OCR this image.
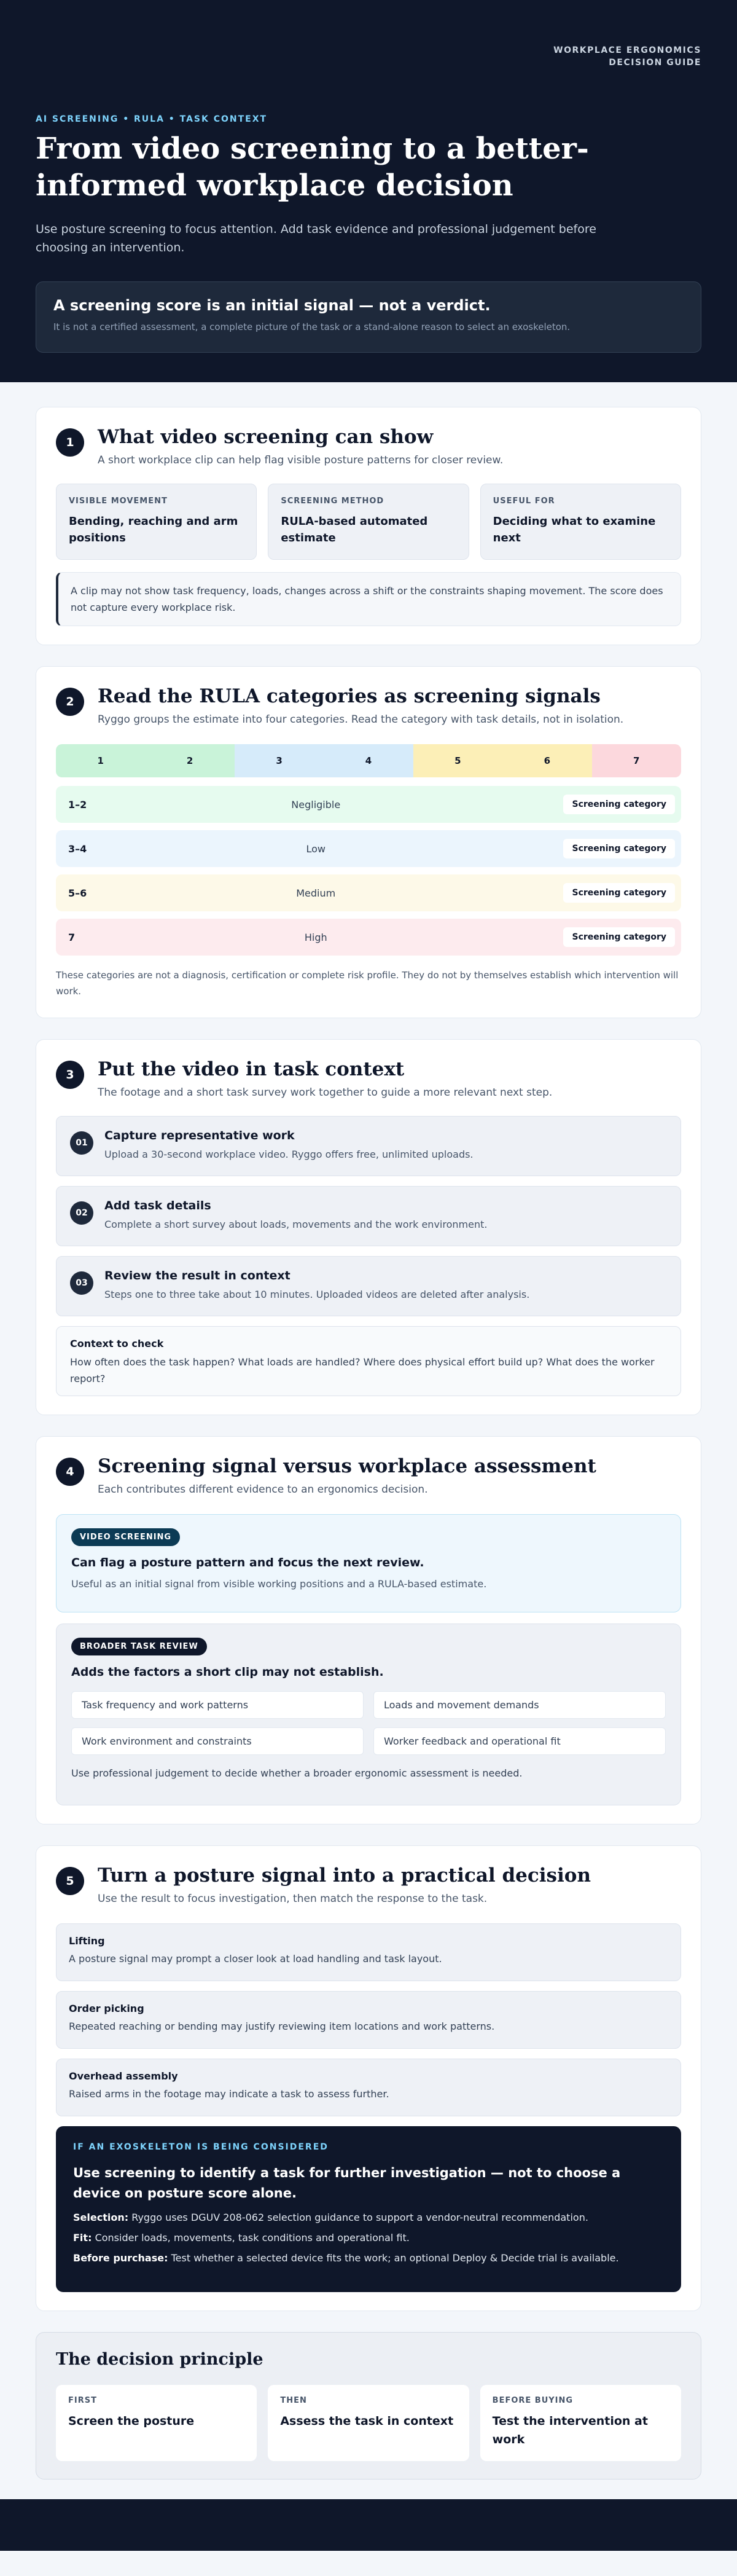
WORKPLACE ERGONOMICS
DECISION GUIDE
AI SCREENING • RULA • TASK CONTEXT
From video screening to a better-informed workplace decision

Use posture screening to focus attention. Add task evidence and professional judgement before choosing an intervention.

A screening score is an initial signal — not a verdict.
It is not a certified assessment, a complete picture of the task or a stand-alone reason to select an exoskeleton.
1	What video screening can show

A short workplace clip can help flag visible posture patterns for closer review.

VISIBLE MOVEMENT
Bending, reaching and arm positions
SCREENING METHOD
RULA-based automated estimate
USEFUL FOR
Deciding what to examine next
A clip may not show task frequency, loads, changes across a shift or the constraints shaping movement. The score does not capture every workplace risk.
2	Read the RULA categories as screening signals

Ryggo groups the estimate into four categories. Read the category with task details, not in isolation.

1	2	3	4	5	6	7
1–2	Negligible	Screening category
3–4	Low	Screening category
5–6	Medium	Screening category
7	High	Screening category

These categories are not a diagnosis, certification or complete risk profile. They do not by themselves establish which intervention will work.

3	Put the video in task context

The footage and a short task survey work together to guide a more relevant next step.

01
Capture representative work
Upload a 30-second workplace video. Ryggo offers free, unlimited uploads.
02
Add task details
Complete a short survey about loads, movements and the work environment.
03
Review the result in context
Steps one to three take about 10 minutes. Uploaded videos are deleted after analysis.
Context to check
How often does the task happen? What loads are handled? Where does physical effort build up? What does the worker report?
4	Screening signal versus workplace assessment

Each contributes different evidence to an ergonomics decision.

VIDEO SCREENING
Can flag a posture pattern and focus the next review.
Useful as an initial signal from visible working positions and a RULA-based estimate.
BROADER TASK REVIEW
Adds the factors a short clip may not establish.
Task frequency and work patterns	Loads and movement demands
Work environment and constraints	Worker feedback and operational fit
Use professional judgement to decide whether a broader ergonomic assessment is needed.
5	Turn a posture signal into a practical decision

Use the result to focus investigation, then match the response to the task.

Lifting
A posture signal may prompt a closer look at load handling and task layout.
Order picking
Repeated reaching or bending may justify reviewing item locations and work patterns.
Overhead assembly
Raised arms in the footage may indicate a task to assess further.
IF AN EXOSKELETON IS BEING CONSIDERED
Use screening to identify a task for further investigation — not to choose a device on posture score alone.
Selection: Ryggo uses DGUV 208-062 selection guidance to support a vendor-neutral recommendation.
Fit: Consider loads, movements, task conditions and operational fit.
Before purchase: Test whether a selected device fits the work; an optional Deploy & Decide trial is available.
The decision principle
FIRST
Screen the posture
THEN
Assess the task in context
BEFORE BUYING
Test the intervention at work
